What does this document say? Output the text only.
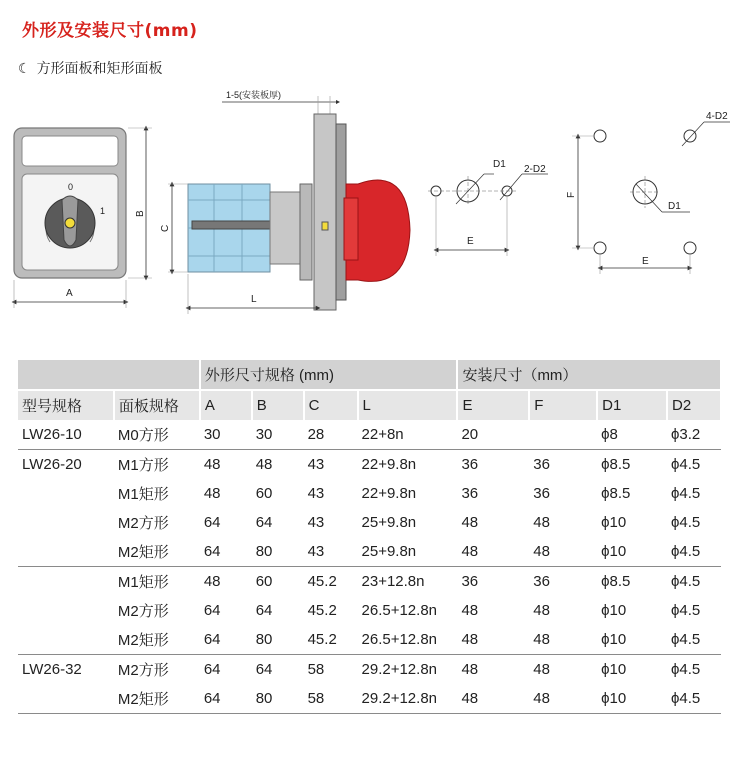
外形及安装尺寸(mm)
☾ 方形面板和矩形面板
0
1
A
B
1-5(安装板厚)
C
L
D1 2-D2
E
4-D2
D1
F
E
		外形尺寸规格 (mm)				安装尺寸（mm）			
型号规格	面板规格	A	B	C	L	E	F	D1	D2
LW26-10	M0方形	30	30	28	22+8n	20		ϕ8	ϕ3.2
LW26-20	M1方形	48	48	43	22+9.8n	36	36	ϕ8.5	ϕ4.5
	M1矩形	48	60	43	22+9.8n	36	36	ϕ8.5	ϕ4.5
	M2方形	64	64	43	25+9.8n	48	48	ϕ10	ϕ4.5
	M2矩形	64	80	43	25+9.8n	48	48	ϕ10	ϕ4.5
	M1矩形	48	60	45.2	23+12.8n	36	36	ϕ8.5	ϕ4.5
	M2方形	64	64	45.2	26.5+12.8n	48	48	ϕ10	ϕ4.5
	M2矩形	64	80	45.2	26.5+12.8n	48	48	ϕ10	ϕ4.5
LW26-32	M2方形	64	64	58	29.2+12.8n	48	48	ϕ10	ϕ4.5
	M2矩形	64	80	58	29.2+12.8n	48	48	ϕ10	ϕ4.5
